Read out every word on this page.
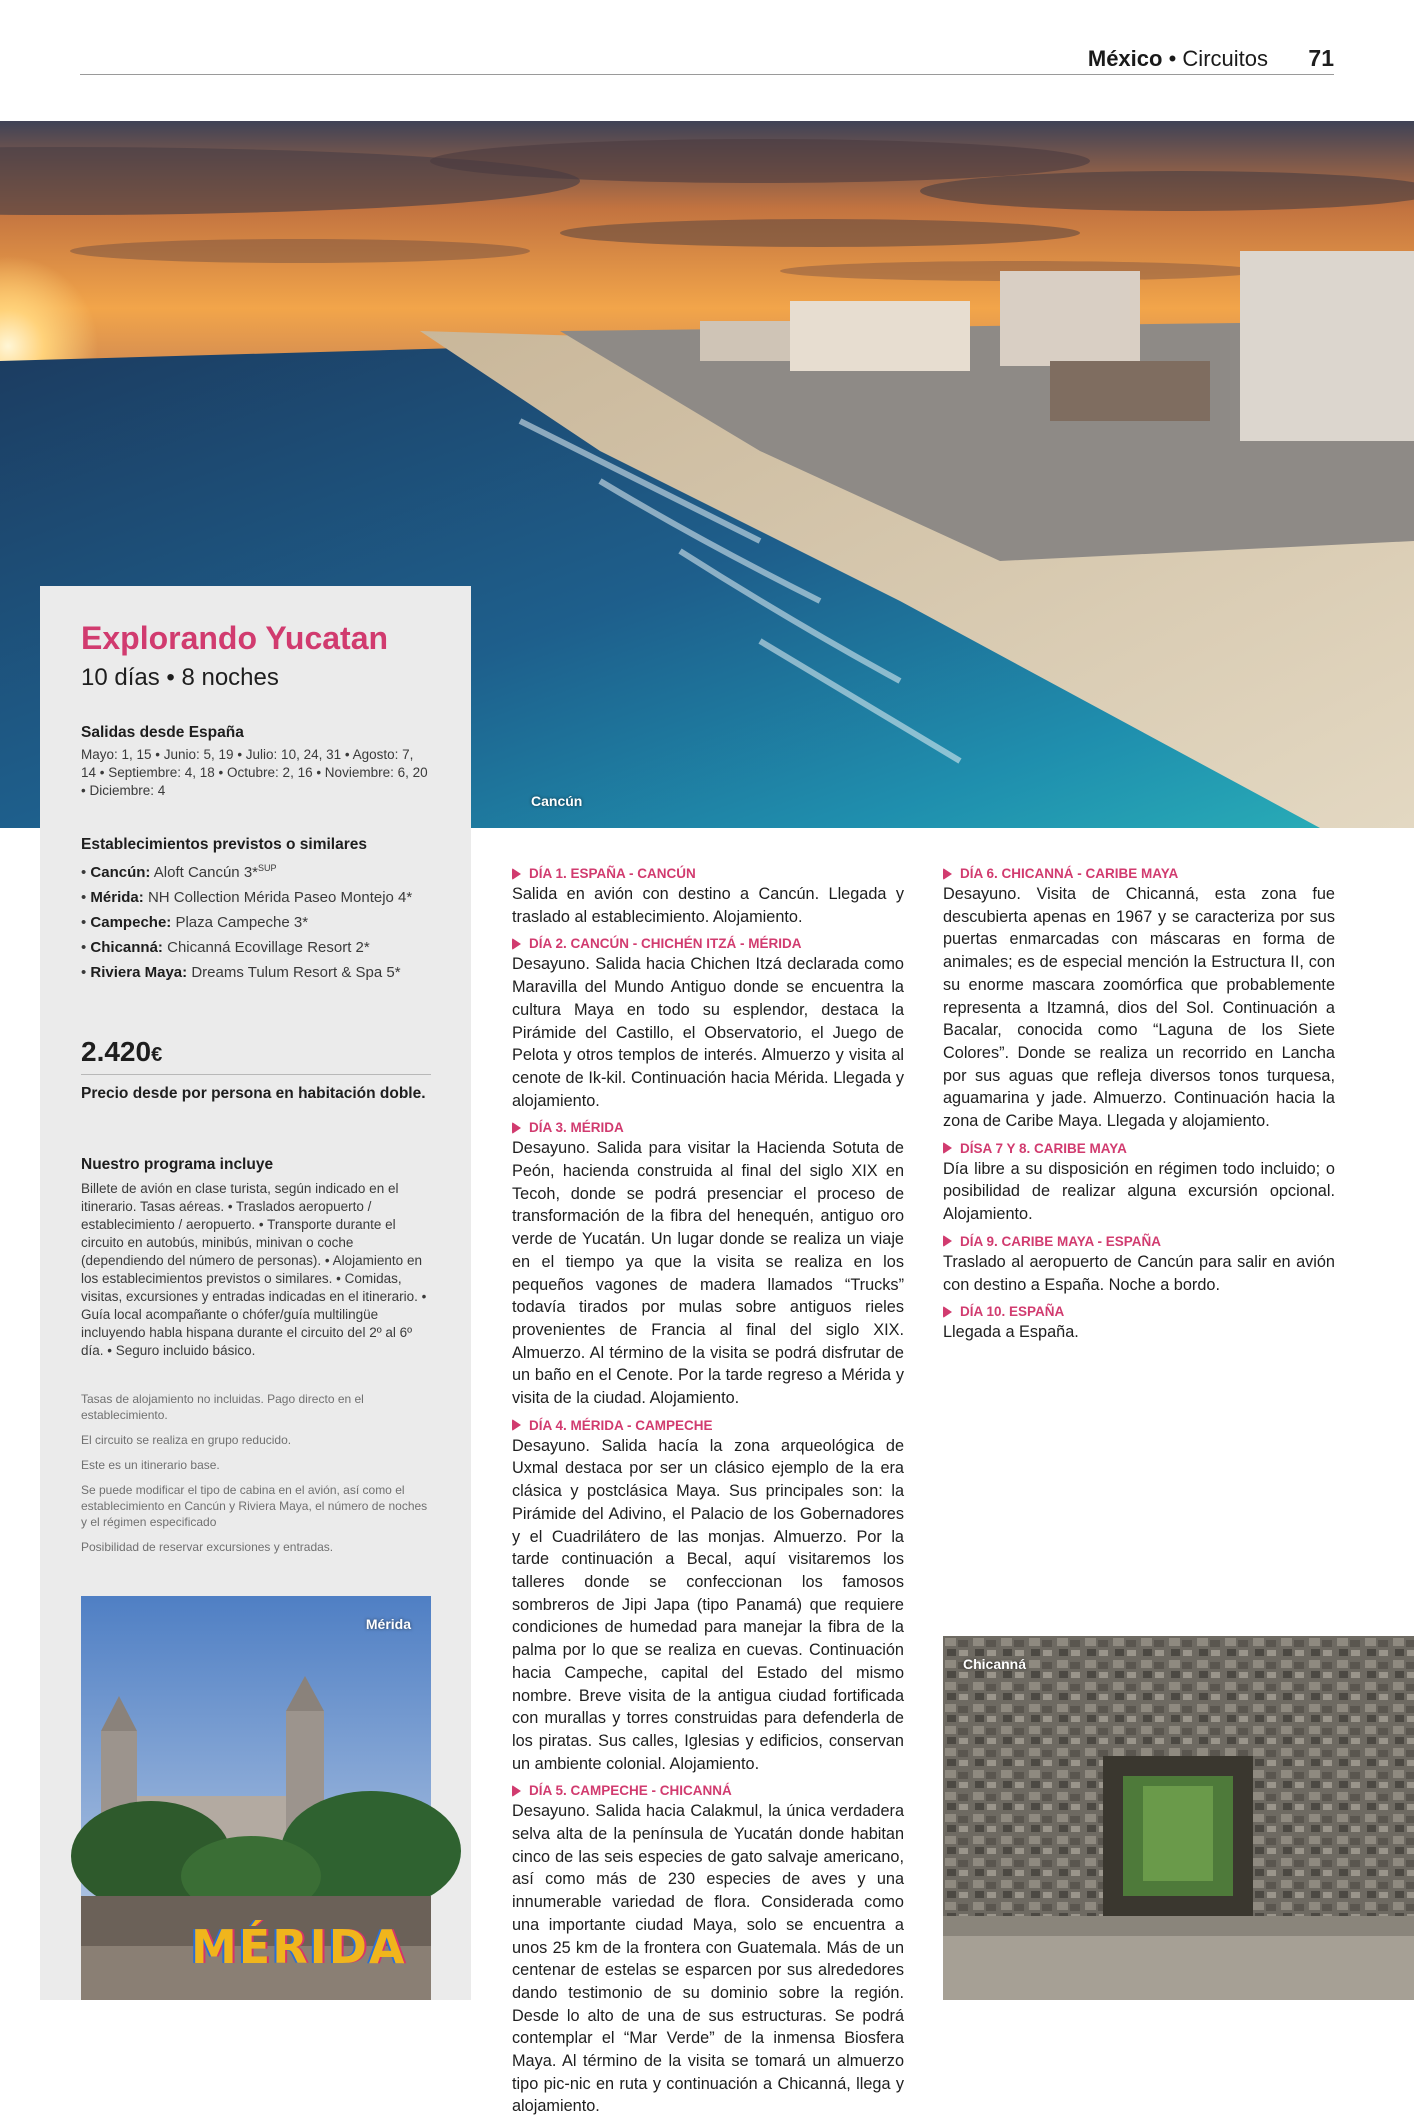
México • Circuitos 71
Cancún
Explorando Yucatan
10 días • 8 noches

Salidas desde España

Mayo: 1, 15 • Junio: 5, 19 • Julio: 10, 24, 31 • Agosto: 7, 14 • Septiembre: 4, 18 • Octubre: 2, 16 • Noviembre: 6, 20 • Diciembre: 4

Establecimientos previstos o similares

• Cancún: Aloft Cancún 3*$^{SUP}$
• Mérida: NH Collection Mérida Paseo Montejo 4*
• Campeche: Plaza Campeche 3*
• Chicanná: Chicanná Ecovillage Resort 2*
• Riviera Maya: Dreams Tulum Resort & Spa 5*
2.420€
Precio desde por persona en habitación doble.

Nuestro programa incluye

Billete de avión en clase turista, según indicado en el itinerario. Tasas aéreas. • Traslados aeropuerto / establecimiento / aeropuerto. • Transporte durante el circuito en autobús, minibús, minivan o coche (dependiendo del número de personas). • Alojamiento en los establecimientos previstos o similares. • Comidas, visitas, excursiones y entradas indicadas en el itinerario. • Guía local acompañante o chófer/guía multilingüe incluyendo habla hispana durante el circuito del 2º al 6º día. • Seguro incluido básico.

Tasas de alojamiento no incluidas. Pago directo en el establecimiento.

El circuito se realiza en grupo reducido.

Este es un itinerario base.

Se puede modificar el tipo de cabina en el avión, así como el establecimiento en Cancún y Riviera Maya, el número de noches y el régimen especificado

Posibilidad de reservar excursiones y entradas.

Mérida
MÉRIDA

DÍA 1. ESPAÑA - CANCÚN

Salida en avión con destino a Cancún. Llegada y traslado al establecimiento. Alojamiento.

DÍA 2. CANCÚN - CHICHÉN ITZÁ - MÉRIDA

Desayuno. Salida hacia Chichen Itzá declarada como Maravilla del Mundo Antiguo donde se encuentra la cultura Maya en todo su esplendor, destaca la Pirámide del Castillo, el Observatorio, el Juego de Pelota y otros templos de interés. Almuerzo y visita al cenote de Ik-kil. Continuación hacia Mérida. Llegada y alojamiento.

DÍA 3. MÉRIDA

Desayuno. Salida para visitar la Hacienda Sotuta de Peón, hacienda construida al final del siglo XIX en Tecoh, donde se podrá presenciar el proceso de transformación de la fibra del henequén, antiguo oro verde de Yucatán. Un lugar donde se realiza un viaje en el tiempo ya que la visita se realiza en los pequeños vagones de madera llamados “Trucks” todavía tirados por mulas sobre antiguos rieles provenientes de Francia al final del siglo XIX. Almuerzo. Al término de la visita se podrá disfrutar de un baño en el Cenote. Por la tarde regreso a Mérida y visita de la ciudad. Alojamiento.

DÍA 4. MÉRIDA - CAMPECHE

Desayuno. Salida hacía la zona arqueológica de Uxmal destaca por ser un clásico ejemplo de la era clásica y postclásica Maya. Sus principales son: la Pirámide del Adivino, el Palacio de los Gobernadores y el Cuadrilátero de las monjas. Almuerzo. Por la tarde continuación a Becal, aquí visitaremos los talleres donde se confeccionan los famosos sombreros de Jipi Japa (tipo Panamá) que requiere condiciones de humedad para manejar la fibra de la palma por lo que se realiza en cuevas. Continuación hacia Campeche, capital del Estado del mismo nombre. Breve visita de la antigua ciudad fortificada con murallas y torres construidas para defenderla de los piratas. Sus calles, Iglesias y edificios, conservan un ambiente colonial. Alojamiento.

DÍA 5. CAMPECHE - CHICANNÁ

Desayuno. Salida hacia Calakmul, la única verdadera selva alta de la península de Yucatán donde habitan cinco de las seis especies de gato salvaje americano, así como más de 230 especies de aves y una innumerable variedad de flora. Considerada como una importante ciudad Maya, solo se encuentra a unos 25 km de la frontera con Guatemala. Más de un centenar de estelas se esparcen por sus alrededores dando testimonio de su dominio sobre la región. Desde lo alto de una de sus estructuras. Se podrá contemplar el “Mar Verde” de la inmensa Biosfera Maya. Al término de la visita se tomará un almuerzo tipo pic-nic en ruta y continuación a Chicanná, llega y alojamiento.

DÍA 6. CHICANNÁ - CARIBE MAYA

Desayuno. Visita de Chicanná, esta zona fue descubierta apenas en 1967 y se caracteriza por sus puertas enmarcadas con máscaras en forma de animales; es de especial mención la Estructura II, con su enorme mascara zoomórfica que probablemente representa a Itzamná, dios del Sol. Continuación a Bacalar, conocida como “Laguna de los Siete Colores”. Donde se realiza un recorrido en Lancha por sus aguas que refleja diversos tonos turquesa, aguamarina y jade. Almuerzo. Continuación hacia la zona de Caribe Maya. Llegada y alojamiento.

DÍSA 7 Y 8. CARIBE MAYA

Día libre a su disposición en régimen todo incluido; o posibilidad de realizar alguna excursión opcional. Alojamiento.

DÍA 9. CARIBE MAYA - ESPAÑA

Traslado al aeropuerto de Cancún para salir en avión con destino a España. Noche a bordo.

DÍA 10. ESPAÑA

Llegada a España.

Chicanná
